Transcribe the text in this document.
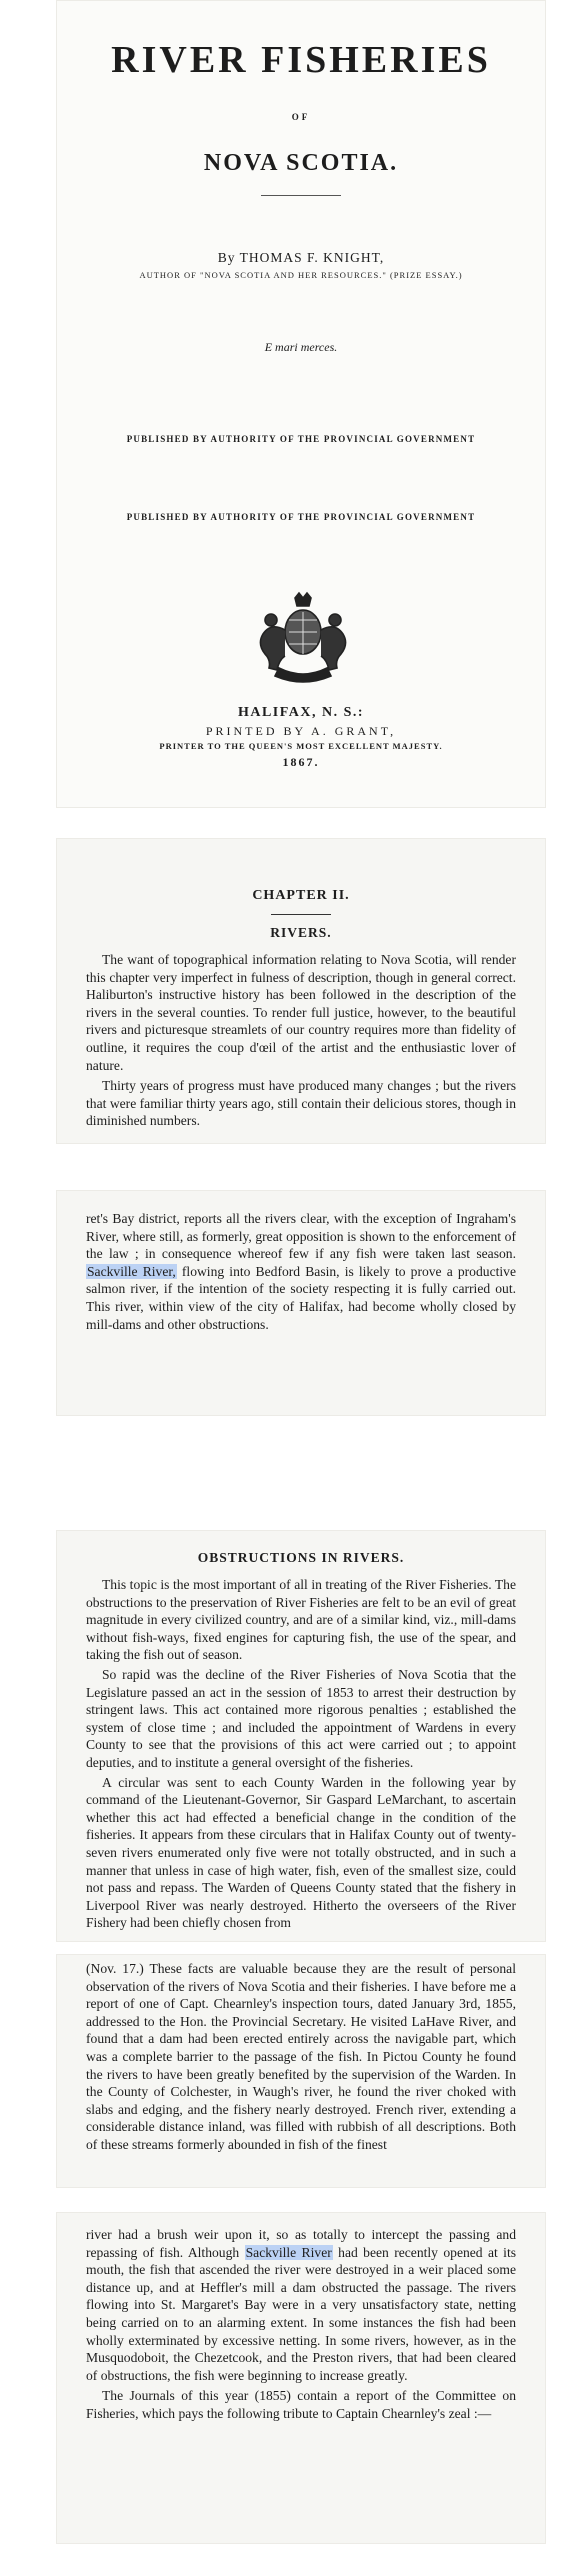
RIVER FISHERIES
OF
NOVA SCOTIA.
By THOMAS F. KNIGHT,
AUTHOR OF "NOVA SCOTIA AND HER RESOURCES." (PRIZE ESSAY.)
E mari merces.
PUBLISHED BY AUTHORITY OF THE PROVINCIAL GOVERNMENT
PUBLISHED BY AUTHORITY OF THE PROVINCIAL GOVERNMENT
HALIFAX, N. S.:
PRINTED BY A. GRANT,
PRINTER TO THE QUEEN'S MOST EXCELLENT MAJESTY.
1867.
CHAPTER II.
RIVERS.

The want of topographical information relating to Nova Scotia, will render this chapter very imperfect in fulness of description, though in general correct. Haliburton's instructive history has been followed in the description of the rivers in the several counties. To render full justice, however, to the beautiful rivers and picturesque streamlets of our country requires more than fidelity of outline, it requires the coup d'œil of the artist and the enthusiastic lover of nature.

Thirty years of progress must have produced many changes ; but the rivers that were familiar thirty years ago, still contain their delicious stores, though in diminished numbers.

ret's Bay district, reports all the rivers clear, with the exception of Ingraham's River, where still, as formerly, great opposition is shown to the enforcement of the law ; in consequence whereof few if any fish were taken last season. Sackville River, flowing into Bedford Basin, is likely to prove a productive salmon river, if the intention of the society respecting it is fully carried out. This river, within view of the city of Halifax, had become wholly closed by mill-dams and other obstructions.

OBSTRUCTIONS IN RIVERS.

This topic is the most important of all in treating of the River Fisheries. The obstructions to the preservation of River Fisheries are felt to be an evil of great magnitude in every civilized country, and are of a similar kind, viz., mill-dams without fish-ways, fixed engines for capturing fish, the use of the spear, and taking the fish out of season.

So rapid was the decline of the River Fisheries of Nova Scotia that the Legislature passed an act in the session of 1853 to arrest their destruction by stringent laws. This act contained more rigorous penalties ; established the system of close time ; and included the appointment of Wardens in every County to see that the provisions of this act were carried out ; to appoint deputies, and to institute a general oversight of the fisheries.

A circular was sent to each County Warden in the following year by command of the Lieutenant-Governor, Sir Gaspard LeMarchant, to ascertain whether this act had effected a beneficial change in the condition of the fisheries. It appears from these circulars that in Halifax County out of twenty-seven rivers enumerated only five were not totally obstructed, and in such a manner that unless in case of high water, fish, even of the smallest size, could not pass and repass. The Warden of Queens County stated that the fishery in Liverpool River was nearly destroyed. Hitherto the overseers of the River Fishery had been chiefly chosen from

(Nov. 17.) These facts are valuable because they are the result of personal observation of the rivers of Nova Scotia and their fisheries. I have before me a report of one of Capt. Chearnley's inspection tours, dated January 3rd, 1855, addressed to the Hon. the Provincial Secretary. He visited LaHave River, and found that a dam had been erected entirely across the navigable part, which was a complete barrier to the passage of the fish. In Pictou County he found the rivers to have been greatly benefited by the supervision of the Warden. In the County of Colchester, in Waugh's river, he found the river choked with slabs and edging, and the fishery nearly destroyed. French river, extending a considerable distance inland, was filled with rubbish of all descriptions. Both of these streams formerly abounded in fish of the finest

river had a brush weir upon it, so as totally to intercept the passing and repassing of fish. Although Sackville River had been recently opened at its mouth, the fish that ascended the river were destroyed in a weir placed some distance up, and at Heffler's mill a dam obstructed the passage. The rivers flowing into St. Margaret's Bay were in a very unsatisfactory state, netting being carried on to an alarming extent. In some instances the fish had been wholly exterminated by excessive netting. In some rivers, however, as in the Musquodoboit, the Chezetcook, and the Preston rivers, that had been cleared of obstructions, the fish were beginning to increase greatly.

The Journals of this year (1855) contain a report of the Committee on Fisheries, which pays the following tribute to Captain Chearnley's zeal :—
